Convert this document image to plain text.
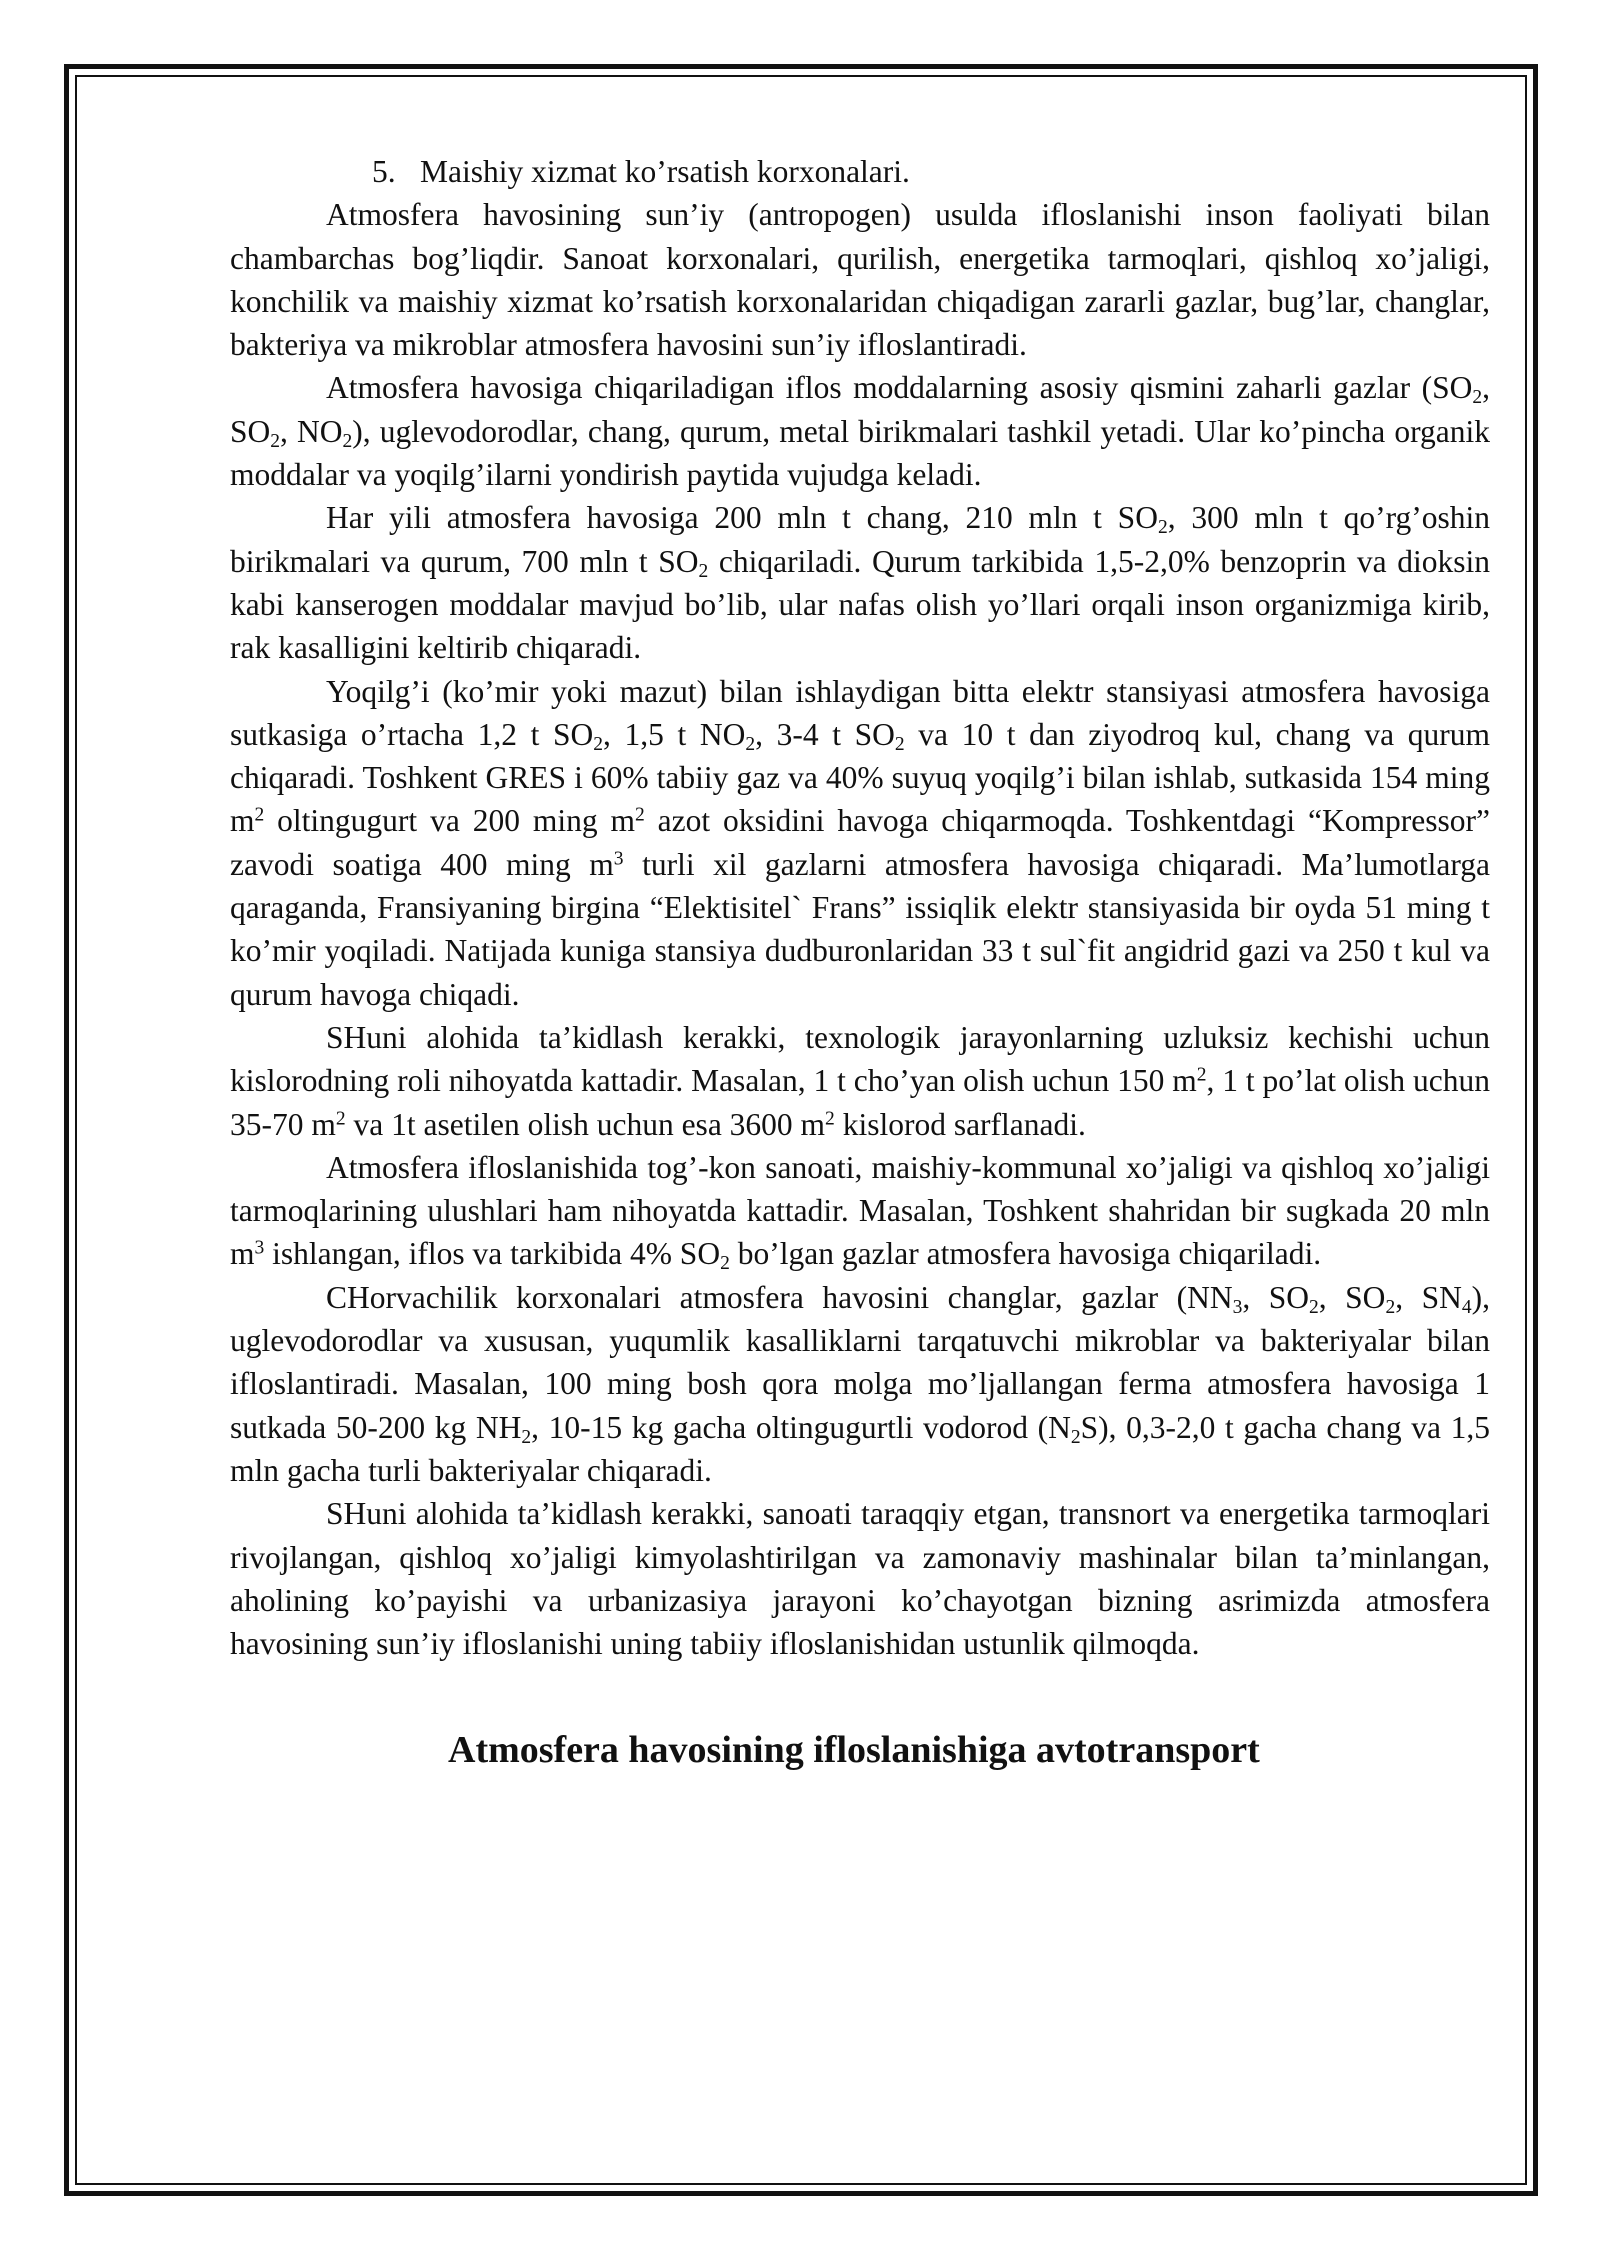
5. Maishiy xizmat ko’rsatish korxonalari.

Atmosfera havosining sun’iy (antropogen) usulda ifloslanishi inson faoliyati bilan chambarchas bog’liqdir. Sanoat korxonalari, qurilish, energetika tarmoqlari, qishloq xo’jaligi, konchilik va maishiy xizmat ko’rsatish korxonalaridan chiqadigan zararli gazlar, bug’lar, changlar, bakteriya va mikroblar atmosfera havosini sun’iy ifloslantiradi.

Atmosfera havosiga chiqariladigan iflos moddalarning asosiy qismini zaharli gazlar ($SO_2$, $SO_2$, $NO_2$), uglevodorodlar, chang, qurum, metal birikmalari tashkil yetadi. Ular ko’pincha organik moddalar va yoqilg’ilarni yondirish paytida vujudga keladi.

Har yili atmosfera havosiga 200 mln t chang, 210 mln t $SO_2$, 300 mln t qo’rg’oshin birikmalari va qurum, 700 mln t $SO_2$ chiqariladi. Qurum tarkibida 1,5-2,0% benzoprin va dioksin kabi kanserogen moddalar mavjud bo’lib, ular nafas olish yo’llari orqali inson organizmiga kirib, rak kasalligini keltirib chiqaradi.

Yoqilg’i (ko’mir yoki mazut) bilan ishlaydigan bitta elektr stansiyasi atmosfera havosiga sutkasiga o’rtacha 1,2 t $SO_2$, 1,5 t $NO_2$, 3-4 t $SO_2$ va 10 t dan ziyodroq kul, chang va qurum chiqaradi. Toshkent GRES i 60% tabiiy gaz va 40% suyuq yoqilg’i bilan ishlab, sutkasida 154 ming $m^2$ oltingugurt va 200 ming $m^2$ azot oksidini havoga chiqarmoqda. Toshkentdagi “Kompressor” zavodi soatiga 400 ming $m^3$ turli xil gazlarni atmosfera havosiga chiqaradi. Ma’lumotlarga qaraganda, Fransiyaning birgina “Elektisitel` Frans” issiqlik elektr stansiyasida bir oyda 51 ming t ko’mir yoqiladi. Natijada kuniga stansiya dudburonlaridan 33 t sul`fit angidrid gazi va 250 t kul va qurum havoga chiqadi.

SHuni alohida ta’kidlash kerakki, texnologik jarayonlarning uzluksiz kechishi uchun kislorodning roli nihoyatda kattadir. Masalan, 1 t cho’yan olish uchun 150 $m^2$, 1 t po’lat olish uchun 35-70 $m^2$ va 1t asetilen olish uchun esa 3600 $m^2$ kislorod sarflanadi.

Atmosfera ifloslanishida tog’-kon sanoati, maishiy-kommunal xo’jaligi va qishloq xo’jaligi tarmoqlarining ulushlari ham nihoyatda kattadir. Masalan, Toshkent shahridan bir sugkada 20 mln $m^3$ ishlangan, iflos va tarkibida 4% $SO_2$ bo’lgan gazlar atmosfera havosiga chiqariladi.

CHorvachilik korxonalari atmosfera havosini changlar, gazlar ($NN_3$, $SO_2$, $SO_2$, $SN_4$), uglevodorodlar va xususan, yuqumlik kasalliklarni tarqatuvchi mikroblar va bakteriyalar bilan ifloslantiradi. Masalan, 100 ming bosh qora molga mo’ljallangan ferma atmosfera havosiga 1 sutkada 50-200 kg $NH_2$, 10-15 kg gacha oltingugurtli vodorod $(N_2S)$, 0,3-2,0 t gacha chang va 1,5 mln gacha turli bakteriyalar chiqaradi.

SHuni alohida ta’kidlash kerakki, sanoati taraqqiy etgan, transnort va energetika tarmoqlari rivojlangan, qishloq xo’jaligi kimyolashtirilgan va zamonaviy mashinalar bilan ta’minlangan, aholining ko’payishi va urbanizasiya jarayoni ko’chayotgan bizning asrimizda atmosfera havosining sun’iy ifloslanishi uning tabiiy ifloslanishidan ustunlik qilmoqda.

Atmosfera havosining ifloslanishiga avtotransport
